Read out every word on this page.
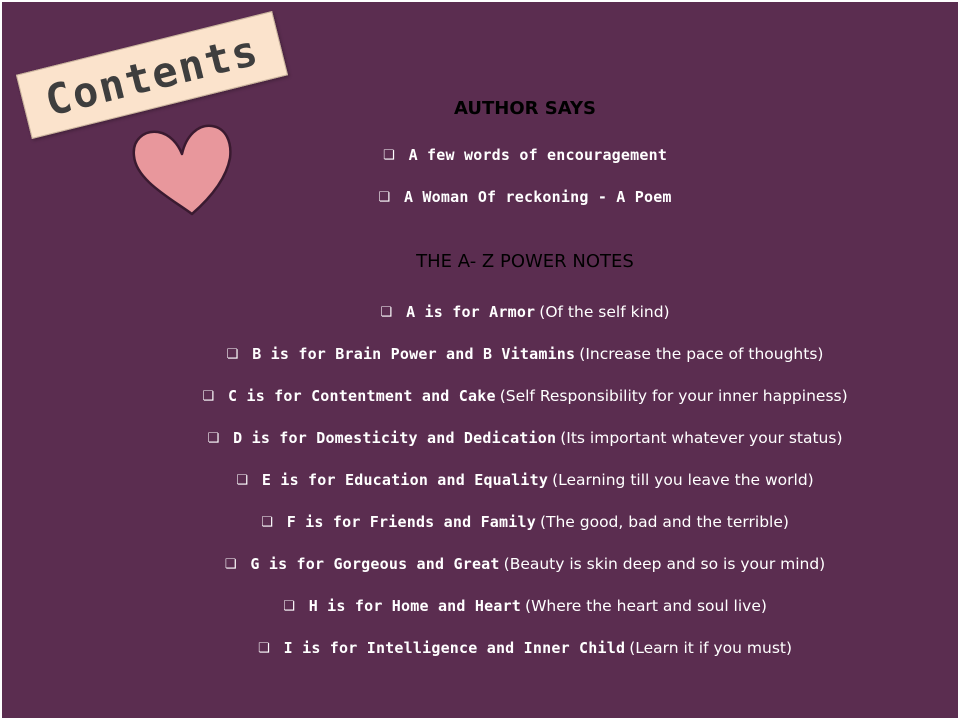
Contents	AUTHOR SAYS
❏ A few words of encouragement
❏ A Woman Of reckoning - A Poem
THE A- Z POWER NOTES
❏ A is for Armor (Of the self kind)
❏ B is for Brain Power and B Vitamins (Increase the pace of thoughts)
❏ C is for Contentment and Cake (Self Responsibility for your inner happiness)
❏ D is for Domesticity and Dedication (Its important whatever your status)
❏ E is for Education and Equality (Learning till you leave the world)
❏ F is for Friends and Family (The good, bad and the terrible)
❏ G is for Gorgeous and Great (Beauty is skin deep and so is your mind)
❏ H is for Home and Heart (Where the heart and soul live)
❏ I is for Intelligence and Inner Child (Learn it if you must)
